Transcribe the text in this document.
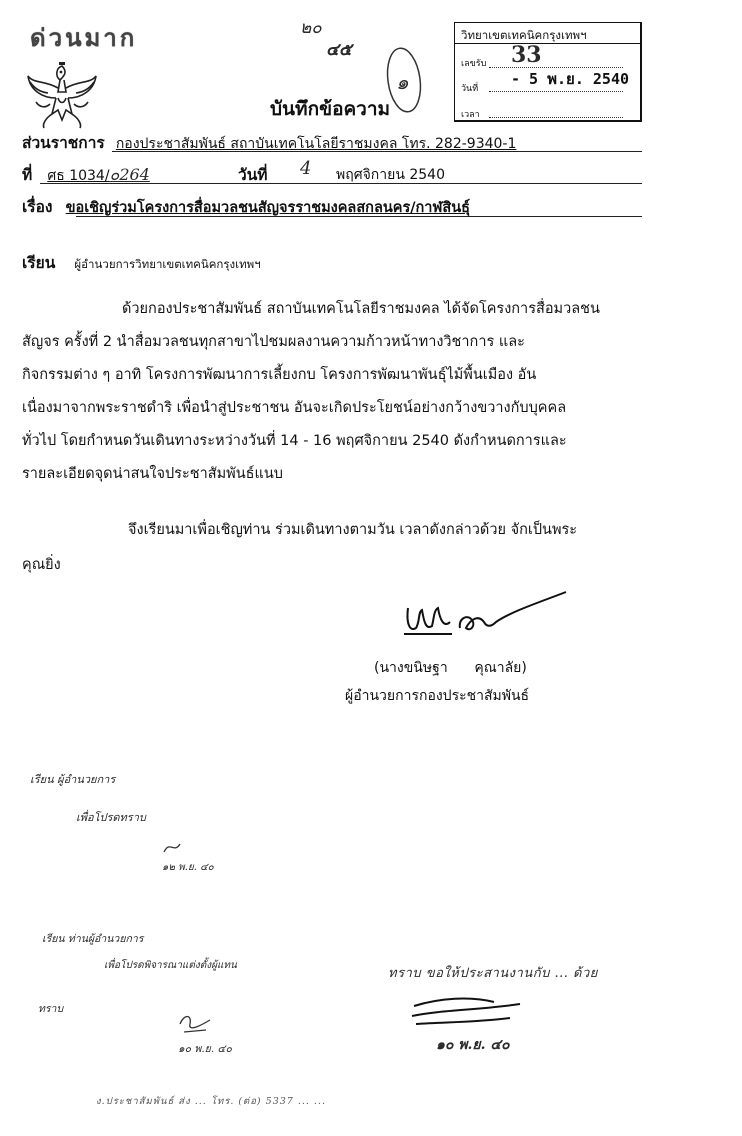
ด่วนมาก	๒๐
๔๕
๑
บันทึกข้อความ
วิทยาเขตเทคนิคกรุงเทพฯ
เลขรับ 33
วันที่
- 5 พ.ย. 2540
เวลา
ส่วนราชการ กองประชาสัมพันธ์ สถาบันเทคโนโลยีราชมงคล โทร. 282-9340-1
ที่ ศธ 1034/๐264	วันที่ 4 พฤศจิกายน 2540
เรื่อง ขอเชิญร่วมโครงการสื่อมวลชนสัญจรราชมงคลสกลนคร/กาฬสินธุ์
เรียน ผู้อำนวยการวิทยาเขตเทคนิคกรุงเทพฯ
ด้วยกองประชาสัมพันธ์ สถาบันเทคโนโลยีราชมงคล ได้จัดโครงการสื่อมวลชน
สัญจร ครั้งที่ 2 นำสื่อมวลชนทุกสาขาไปชมผลงานความก้าวหน้าทางวิชาการ และ
กิจกรรมต่าง ๆ อาทิ โครงการพัฒนาการเลี้ยงกบ โครงการพัฒนาพันธุ์ไม้พื้นเมือง อัน
เนื่องมาจากพระราชดำริ เพื่อนำสู่ประชาชน อันจะเกิดประโยชน์อย่างกว้างขวางกับบุคคล
ทั่วไป โดยกำหนดวันเดินทางระหว่างวันที่ 14 - 16 พฤศจิกายน 2540 ดังกำหนดการและ
รายละเอียดจุดน่าสนใจประชาสัมพันธ์แนบ
จึงเรียนมาเพื่อเชิญท่าน ร่วมเดินทางตามวัน เวลาดังกล่าวด้วย จักเป็นพระ
คุณยิ่ง
(นางขนิษฐา      คุณาลัย)
ผู้อำนวยการกองประชาสัมพันธ์
เรียน ผู้อำนวยการ
เพื่อโปรดทราบ
๑๒ พ.ย. ๔๐
เรียน ท่านผู้อำนวยการ
เพื่อโปรดพิจารณาแต่งตั้งผู้แทน
ทราบ
๑๐ พ.ย. ๔๐
ทราบ ขอให้ประสานงานกับ ... ด้วย
๑๐ พ.ย. ๔๐
ง.ประชาสัมพันธ์ ส่ง ... โทร. (ต่อ) 5337 ... ...
